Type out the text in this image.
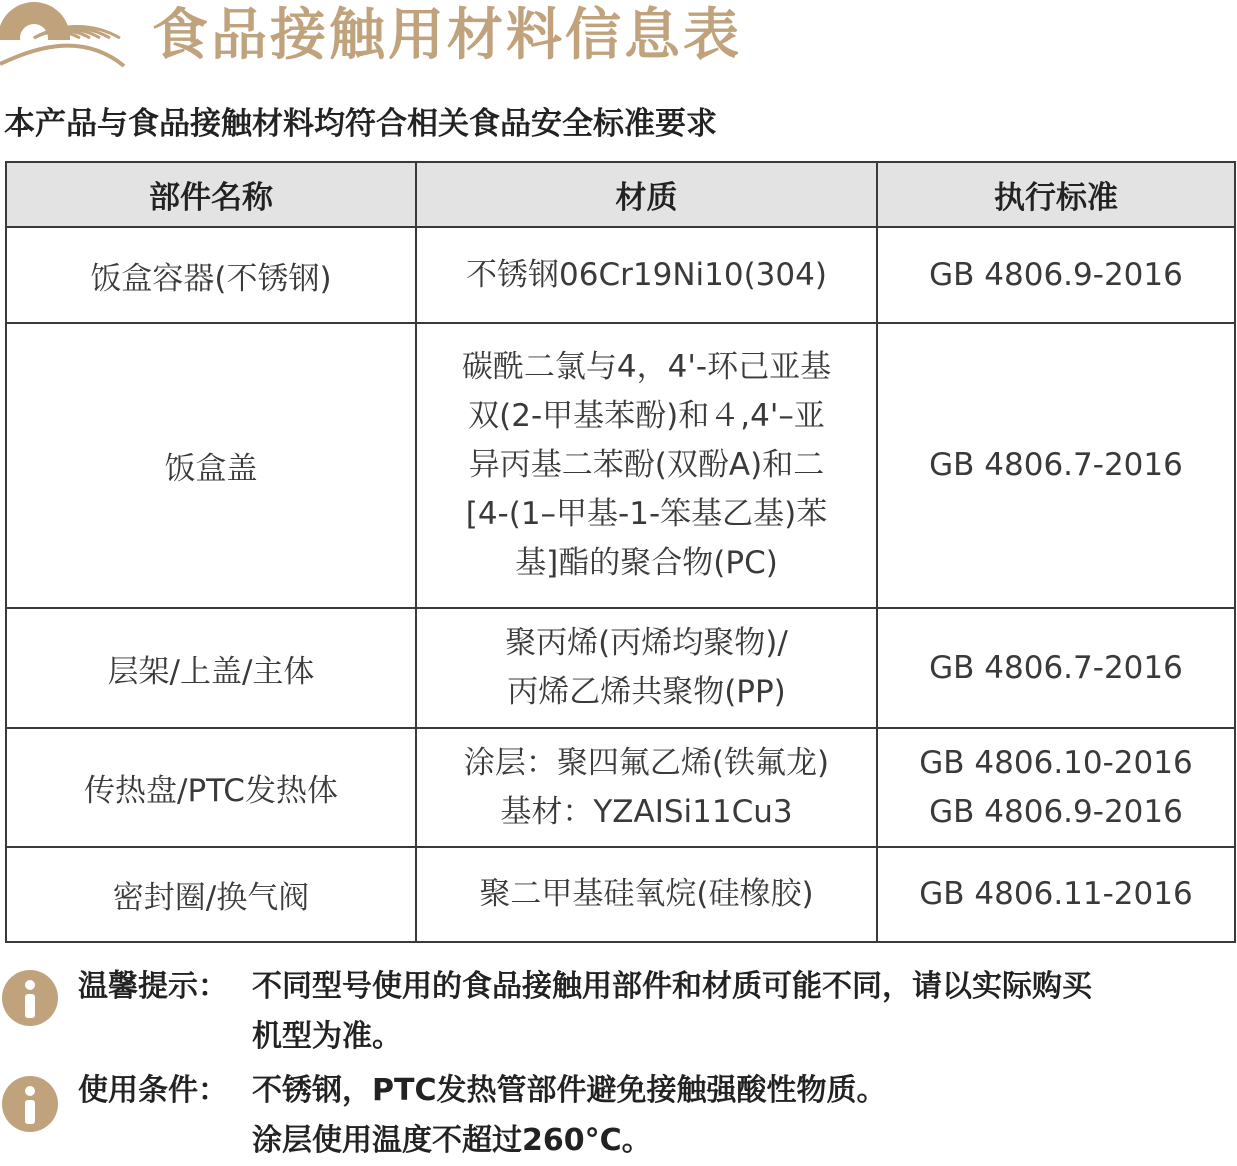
食品接触用材料信息表
本产品与食品接触材料均符合相关食品安全标准要求
部件名称	材质	执行标准
饭盒容器(不锈钢)	不锈钢06Cr19Ni10(304)	GB 4806.9-2016

饭盒盖	碳酰二氯与4，4'-环己亚基
双(2-甲基苯酚)和４,4'–亚
异丙基二苯酚(双酚A)和二
[4-(1–甲基-1-笨基乙基)苯
基]酯的聚合物(PC)	GB 4806.7-2016

层架/上盖/主体	聚丙烯(丙烯均聚物)/
丙烯乙烯共聚物(PP)	GB 4806.7-2016

传热盘/PTC发热体	涂层：聚四氟乙烯(铁氟龙)
基材：YZAISi11Cu3	GB 4806.10-2016
GB 4806.9-2016

密封圈/换气阀	聚二甲基硅氧烷(硅橡胶)	GB 4806.11-2016
温馨提示： 不同型号使用的食品接触用部件和材质可能不同，请以实际购买
机型为准。
使用条件： 不锈钢，PTC发热管部件避免接触强酸性物质。
涂层使用温度不超过260°C。
